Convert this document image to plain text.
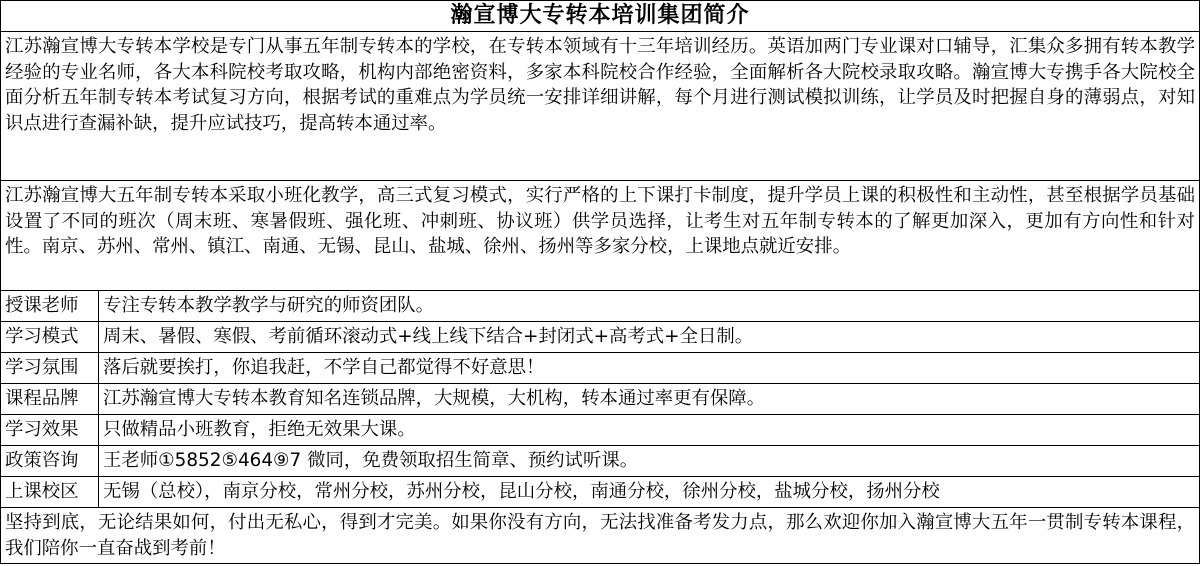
瀚宣博大专转本培训集团简介
江苏瀚宣博大专转本学校是专门从事五年制专转本的学校，在专转本领域有十三年培训经历。英语加两门专业课对口辅导，汇集众多拥有转本教学经验的专业名师，各大本科院校考取攻略，机构内部绝密资料，多家本科院校合作经验，全面解析各大院校录取攻略。瀚宣博大专携手各大院校全面分析五年制专转本考试复习方向，根据考试的重难点为学员统一安排详细讲解，每个月进行测试模拟训练，让学员及时把握自身的薄弱点，对知识点进行查漏补缺，提升应试技巧，提高转本通过率。
江苏瀚宣博大五年制专转本采取小班化教学，高三式复习模式，实行严格的上下课打卡制度，提升学员上课的积极性和主动性，甚至根据学员基础设置了不同的班次（周末班、寒暑假班、强化班、冲刺班、协议班）供学员选择，让考生对五年制专转本的了解更加深入，更加有方向性和针对性。南京、苏州、常州、镇江、南通、无锡、昆山、盐城、徐州、扬州等多家分校，上课地点就近安排。
授课老师	专注专转本教学教学与研究的师资团队。
学习模式	周末、暑假、寒假、考前循环滚动式+线上线下结合+封闭式+高考式+全日制。
学习氛围	落后就要挨打，你追我赶，不学自己都觉得不好意思！
课程品牌	江苏瀚宣博大专转本教育知名连锁品牌，大规模，大机构，转本通过率更有保障。
学习效果	只做精品小班教育，拒绝无效果大课。
政策咨询	王老师①5852⑤464⑨7 微同，免费领取招生简章、预约试听课。
上课校区	无锡（总校），南京分校，常州分校，苏州分校，昆山分校，南通分校，徐州分校，盐城分校，扬州分校
坚持到底，无论结果如何，付出无私心，得到才完美。如果你没有方向，无法找准备考发力点，那么欢迎你加入瀚宣博大五年一贯制专转本课程，我们陪你一直奋战到考前！
